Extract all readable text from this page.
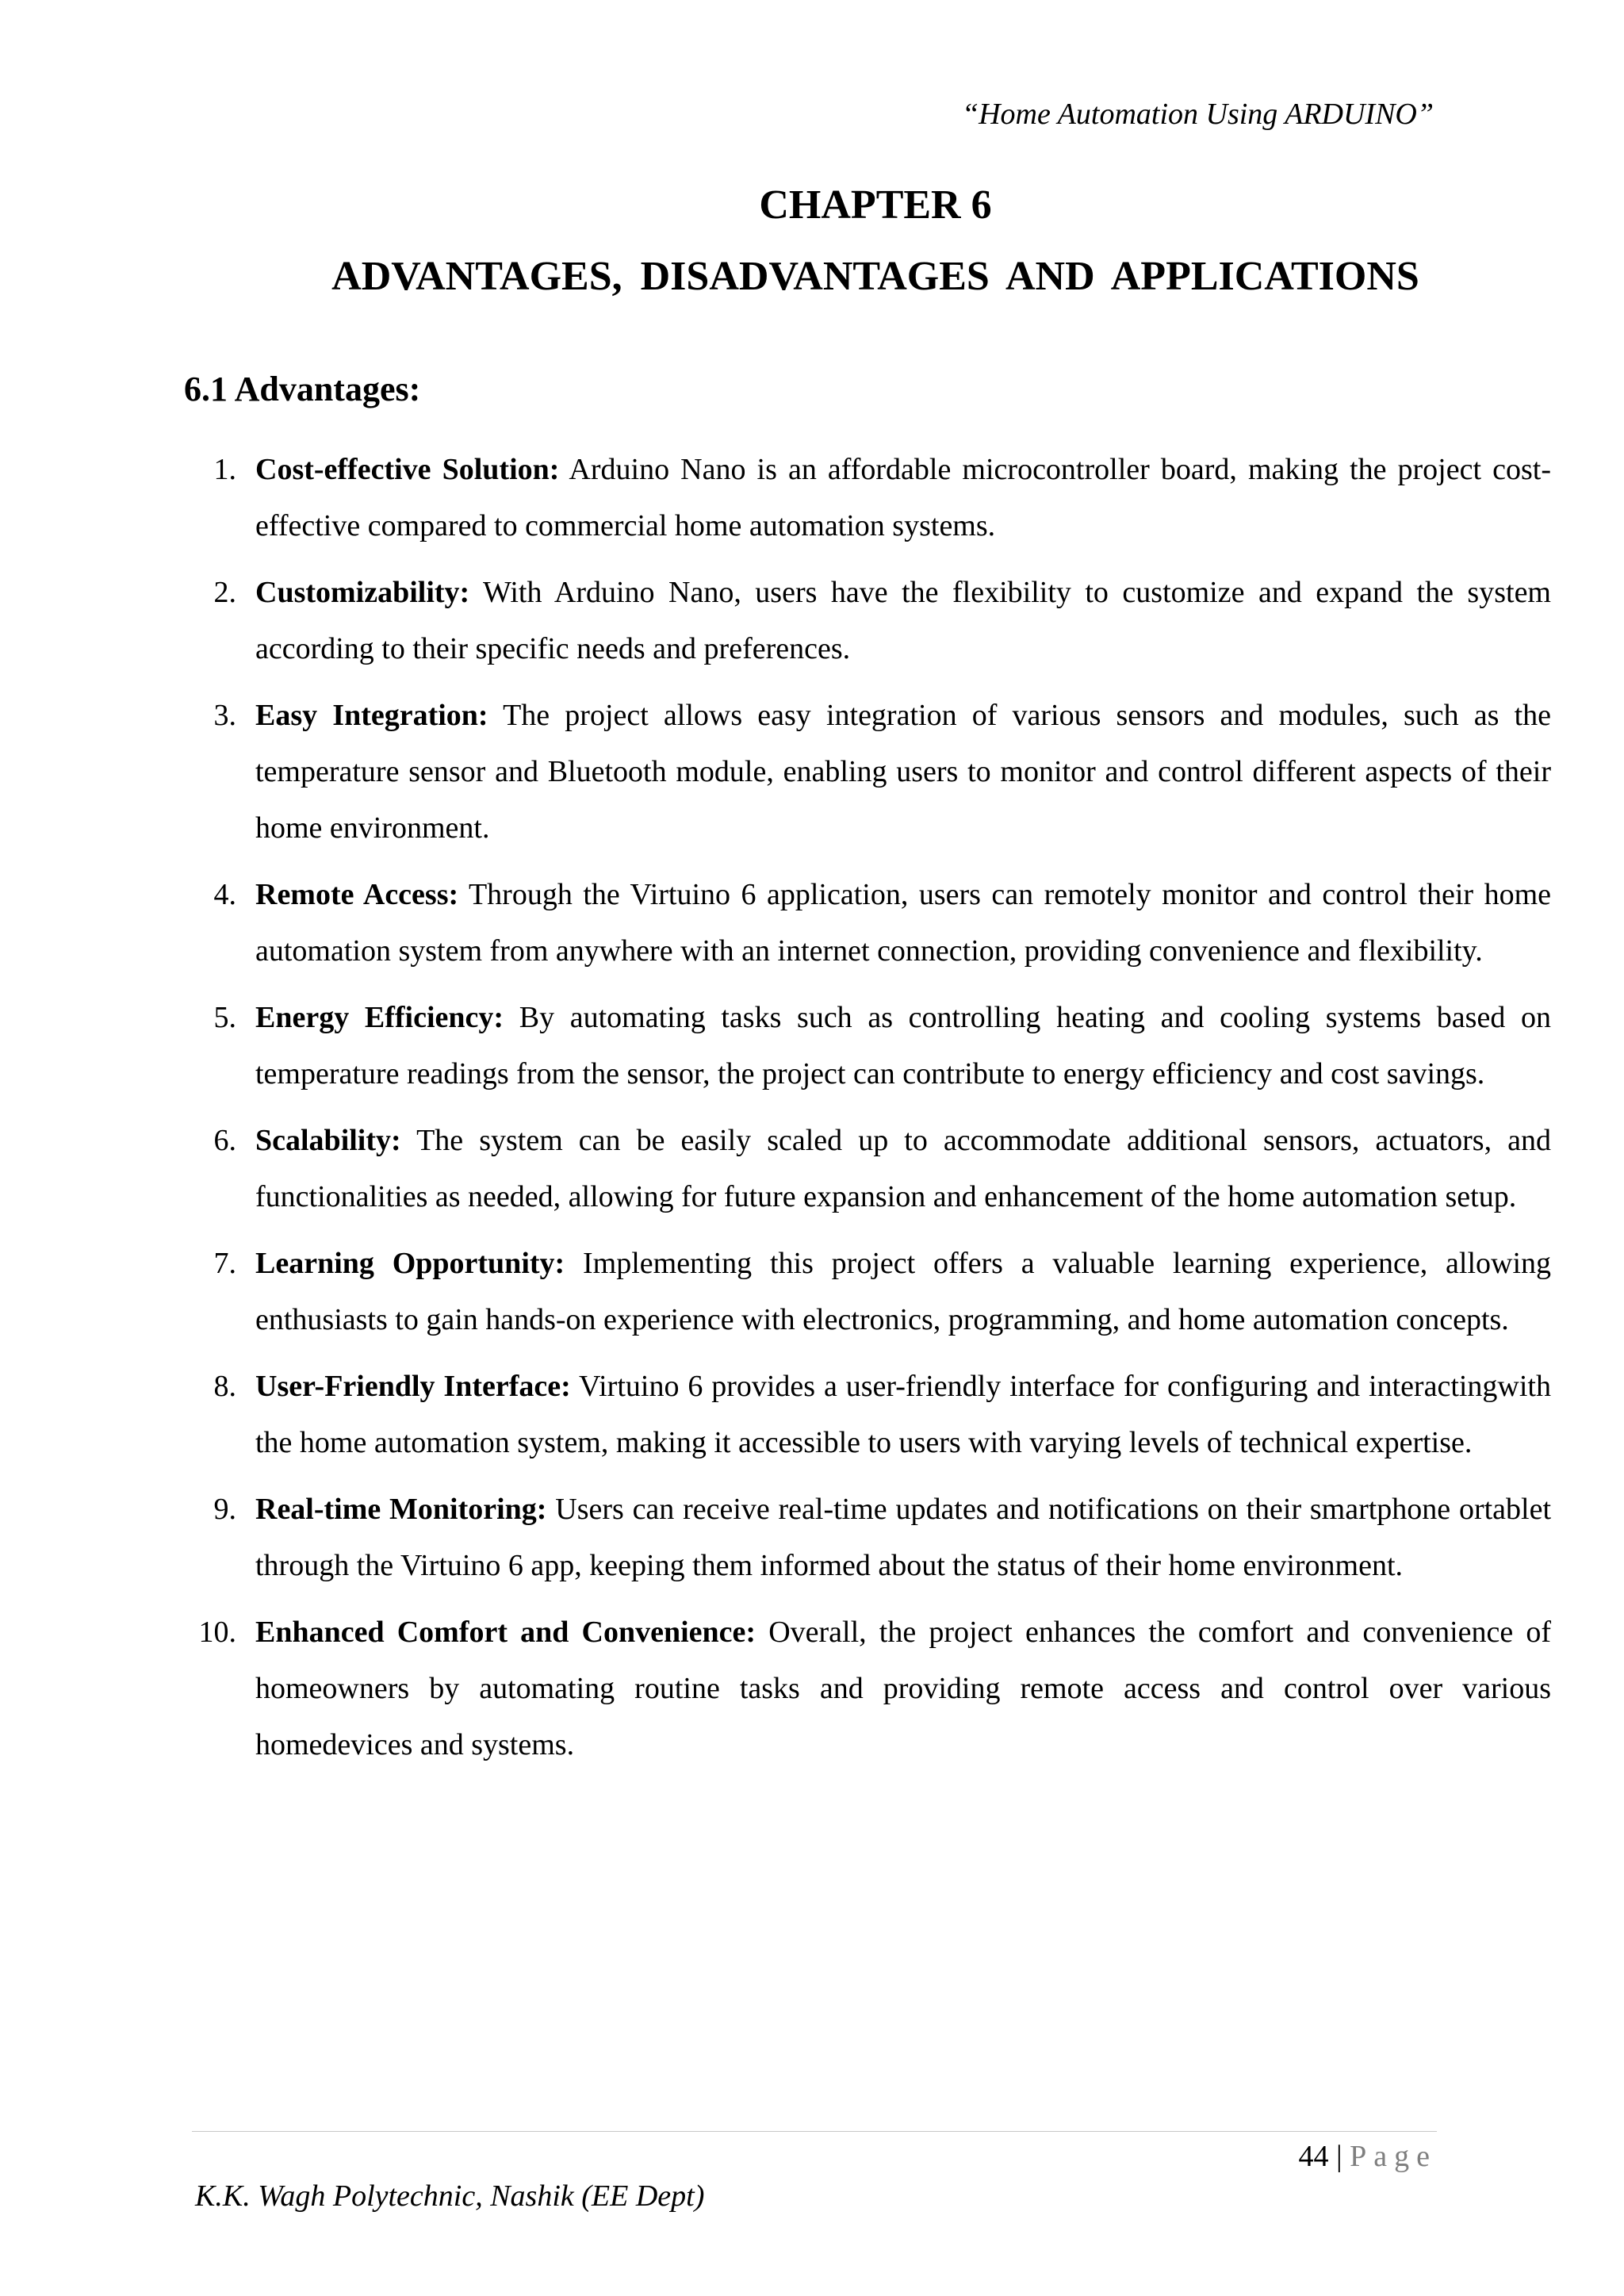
“Home Automation Using ARDUINO”
CHAPTER 6
ADVANTAGES, DISADVANTAGES AND APPLICATIONS
6.1 Advantages:
1. Cost-effective Solution: Arduino Nano is an affordable microcontroller board, making the project cost-effective compared to commercial home automation systems.
2. Customizability: With Arduino Nano, users have the flexibility to customize and expand the system according to their specific needs and preferences.
3. Easy Integration: The project allows easy integration of various sensors and modules, such as the temperature sensor and Bluetooth module, enabling users to monitor and control different aspects of their home environment.
4. Remote Access: Through the Virtuino 6 application, users can remotely monitor and control their home automation system from anywhere with an internet connection, providing convenience and flexibility.
5. Energy Efficiency: By automating tasks such as controlling heating and cooling systems based on temperature readings from the sensor, the project can contribute to energy efficiency and cost savings.
6. Scalability: The system can be easily scaled up to accommodate additional sensors, actuators, and functionalities as needed, allowing for future expansion and enhancement of the home automation setup.
7. Learning Opportunity: Implementing this project offers a valuable learning experience, allowing enthusiasts to gain hands-on experience with electronics, programming, and home automation concepts.
8. User-Friendly Interface: Virtuino 6 provides a user-friendly interface for configuring and interactingwith the home automation system, making it accessible to users with varying levels of technical expertise.
9. Real-time Monitoring: Users can receive real-time updates and notifications on their smartphone ortablet through the Virtuino 6 app, keeping them informed about the status of their home environment.
10. Enhanced Comfort and Convenience: Overall, the project enhances the comfort and convenience of homeowners by automating routine tasks and providing remote access and control over various homedevices and systems.
44 | Page
K.K. Wagh Polytechnic, Nashik (EE Dept)
